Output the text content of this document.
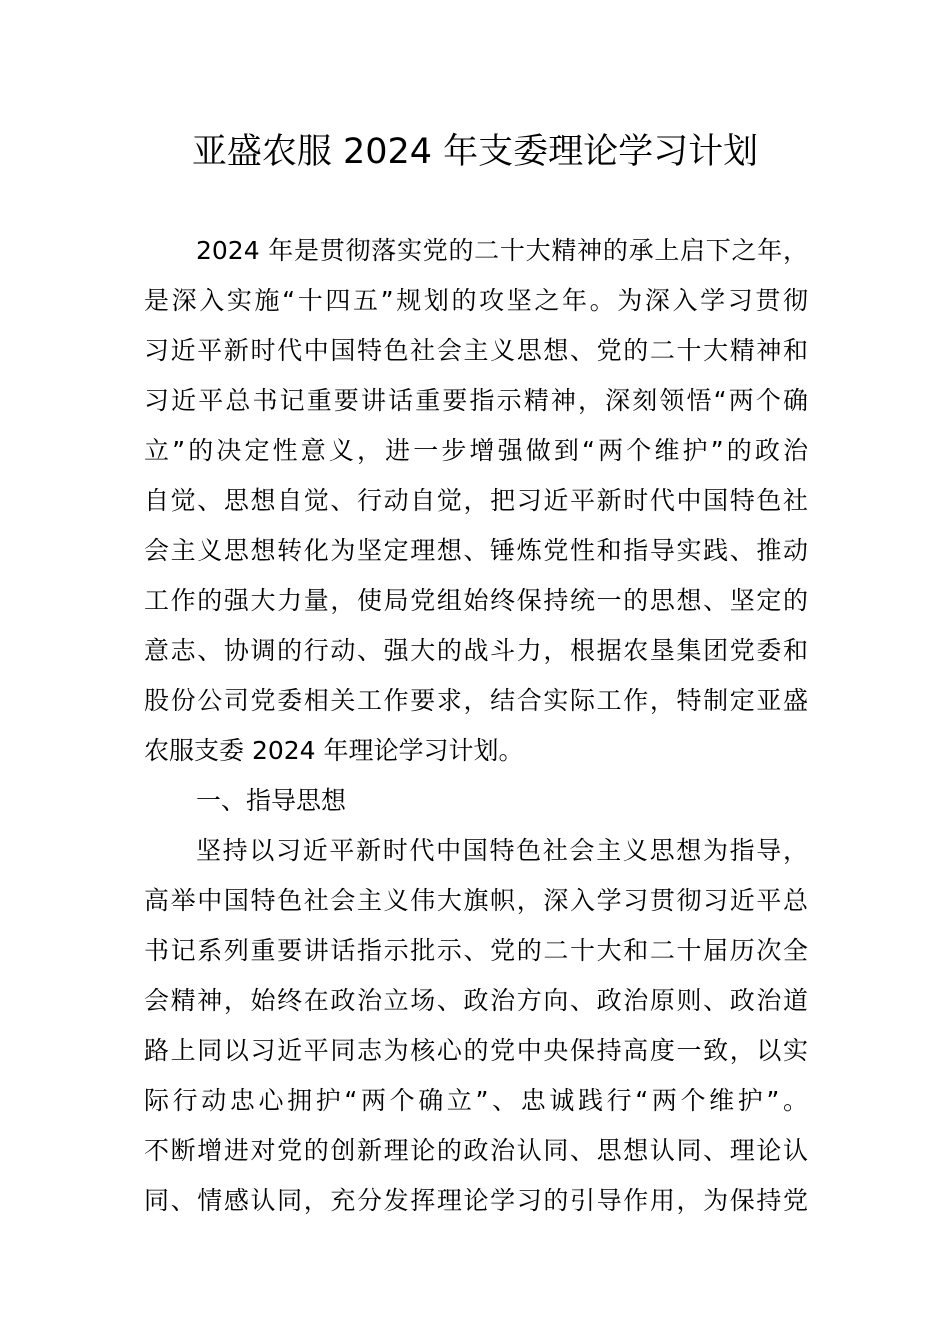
亚盛农服 2024 年支委理论学习计划
2024 年是贯彻落实党的二十大精神的承上启下之年，
是深入实施“十四五”规划的攻坚之年。为深入学习贯彻
习近平新时代中国特色社会主义思想、党的二十大精神和
习近平总书记重要讲话重要指示精神，深刻领悟“两个确
立”的决定性意义，进一步增强做到“两个维护”的政治
自觉、思想自觉、行动自觉，把习近平新时代中国特色社
会主义思想转化为坚定理想、锤炼党性和指导实践、推动
工作的强大力量，使局党组始终保持统一的思想、坚定的
意志、协调的行动、强大的战斗力，根据农垦集团党委和
股份公司党委相关工作要求，结合实际工作，特制定亚盛
农服支委 2024 年理论学习计划。
一、指导思想
坚持以习近平新时代中国特色社会主义思想为指导，
高举中国特色社会主义伟大旗帜，深入学习贯彻习近平总
书记系列重要讲话指示批示、党的二十大和二十届历次全
会精神，始终在政治立场、政治方向、政治原则、政治道
路上同以习近平同志为核心的党中央保持高度一致，以实
际行动忠心拥护“两个确立”、忠诚践行“两个维护”。
不断增进对党的创新理论的政治认同、思想认同、理论认
同、情感认同，充分发挥理论学习的引导作用，为保持党
